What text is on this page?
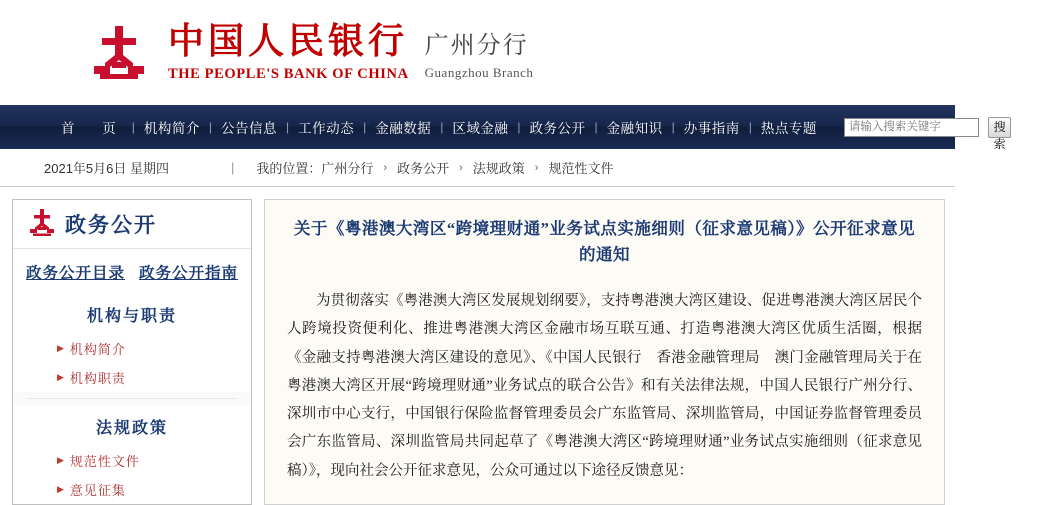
中国人民银行
THE PEOPLE'S BANK OF CHINA
广州分行
Guangzhou Branch
首 页 | 机构简介 | 公告信息 | 工作动态 | 金融数据 | 区域金融 | 政务公开 | 金融知识 | 办事指南 | 热点专题
请输入搜索关键字	搜索
高级搜索
2021年5月6日 星期四	| 我的位置： 广州分行 › 政务公开 › 法规政策 › 规范性文件
政务公开
政务公开目录 政务公开指南
机构与职责
▶ 机构简介
▶ 机构职责
法规政策
▶ 规范性文件
▶ 意见征集
关于《粤港澳大湾区“跨境理财通”业务试点实施细则（征求意见稿）》公开征求意见的通知

为贯彻落实《粤港澳大湾区发展规划纲要》，支持粤港澳大湾区建设、促进粤港澳大湾区居民个人跨境投资便利化、推进粤港澳大湾区金融市场互联互通、打造粤港澳大湾区优质生活圈，根据《金融支持粤港澳大湾区建设的意见》、《中国人民银行　香港金融管理局　澳门金融管理局关于在粤港澳大湾区开展“跨境理财通”业务试点的联合公告》和有关法律法规，中国人民银行广州分行、深圳市中心支行，中国银行保险监督管理委员会广东监管局、深圳监管局，中国证券监督管理委员会广东监管局、深圳监管局共同起草了《粤港澳大湾区“跨境理财通”业务试点实施细则（征求意见稿）》，现向社会公开征求意见，公众可通过以下途径反馈意见：
